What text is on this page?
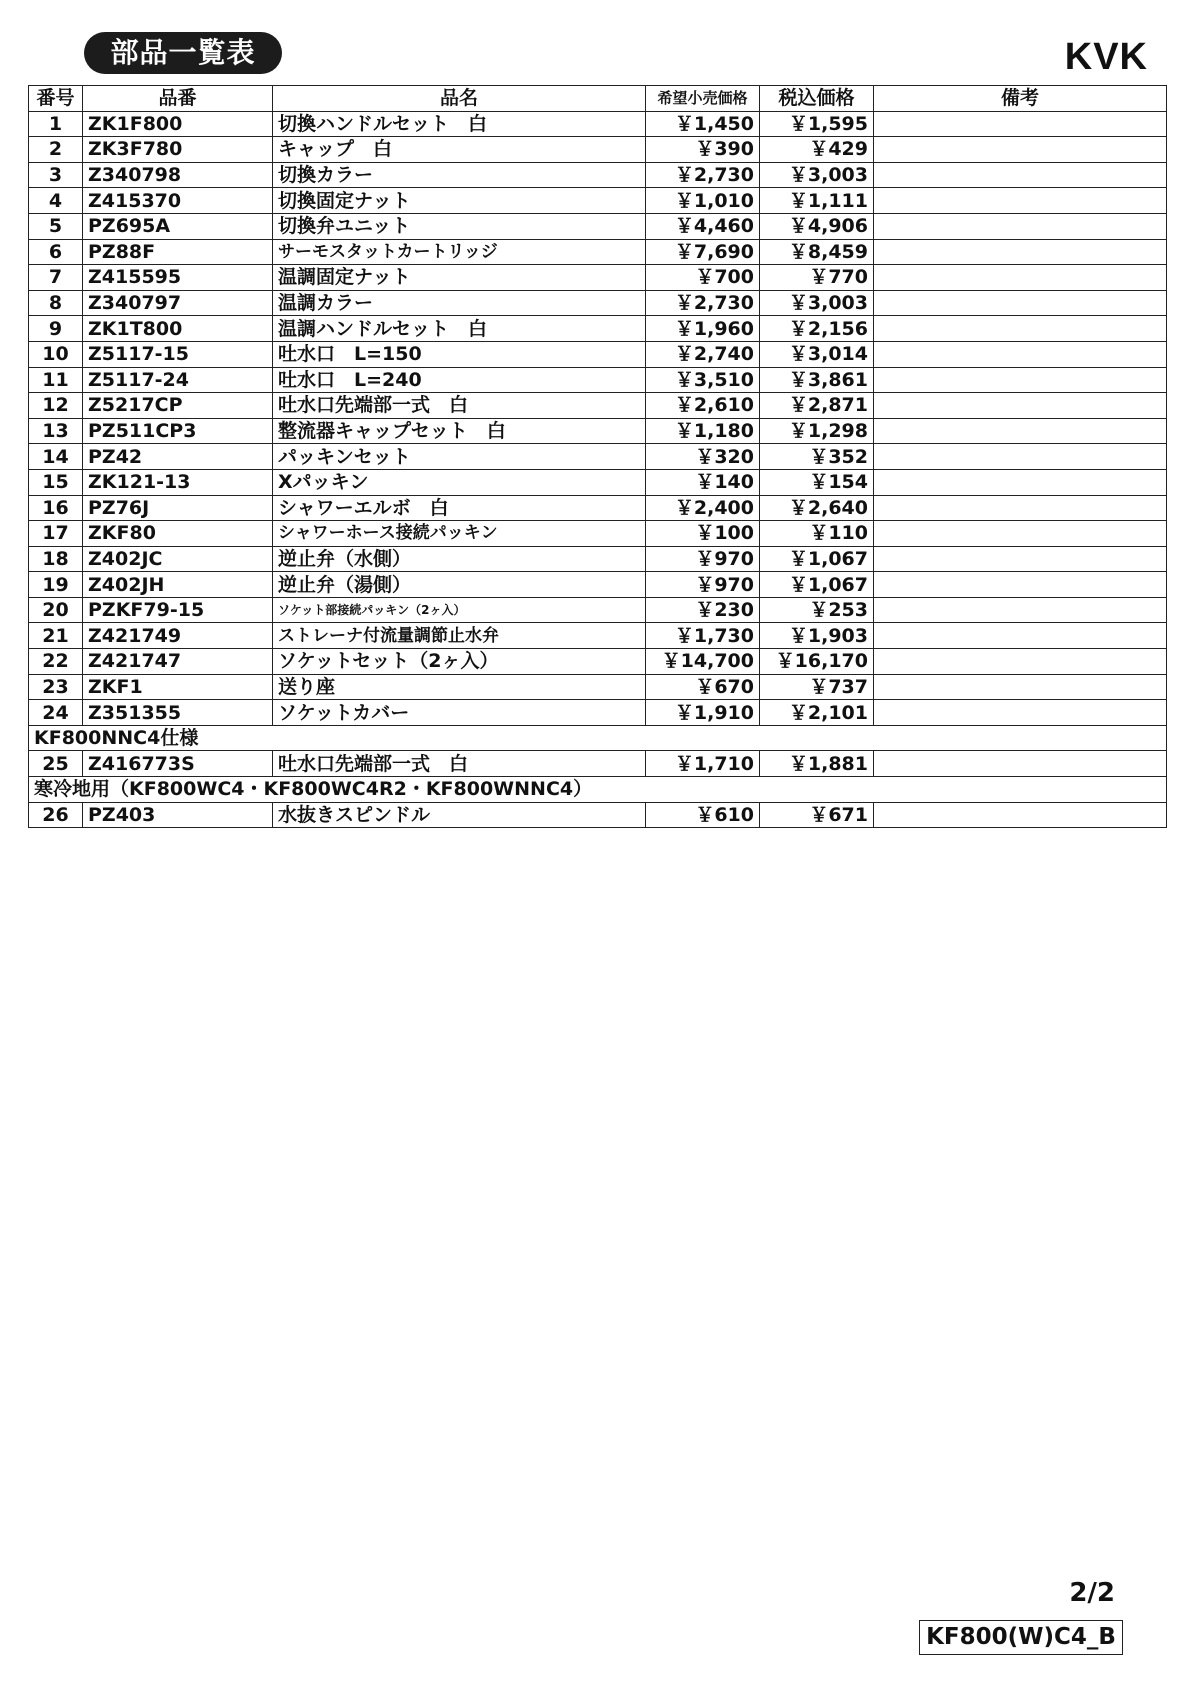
部品一覧表	KVK
番号	品番	品名	希望小売価格	税込価格	備考
1	ZK1F800	切換ハンドルセット　白	￥1,450	￥1,595	
2	ZK3F780	キャップ　白	￥390	￥429	
3	Z340798	切換カラー	￥2,730	￥3,003	
4	Z415370	切換固定ナット	￥1,010	￥1,111	
5	PZ695A	切換弁ユニット	￥4,460	￥4,906	
6	PZ88F	サーモスタットカートリッジ	￥7,690	￥8,459	
7	Z415595	温調固定ナット	￥700	￥770	
8	Z340797	温調カラー	￥2,730	￥3,003	
9	ZK1T800	温調ハンドルセット　白	￥1,960	￥2,156	
10	Z5117-15	吐水口　L=150	￥2,740	￥3,014	
11	Z5117-24	吐水口　L=240	￥3,510	￥3,861	
12	Z5217CP	吐水口先端部一式　白	￥2,610	￥2,871	
13	PZ511CP3	整流器キャップセット　白	￥1,180	￥1,298	
14	PZ42	パッキンセット	￥320	￥352	
15	ZK121-13	Xパッキン	￥140	￥154	
16	PZ76J	シャワーエルボ　白	￥2,400	￥2,640	
17	ZKF80	シャワーホース接続パッキン	￥100	￥110	
18	Z402JC	逆止弁（水側）	￥970	￥1,067	
19	Z402JH	逆止弁（湯側）	￥970	￥1,067	
20	PZKF79-15	ソケット部接続パッキン（2ヶ入）	￥230	￥253	
21	Z421749	ストレーナ付流量調節止水弁	￥1,730	￥1,903	
22	Z421747	ソケットセット（2ヶ入）	￥14,700	￥16,170	
23	ZKF1	送り座	￥670	￥737	
24	Z351355	ソケットカバー	￥1,910	￥2,101	
KF800NNC4仕様					
25	Z416773S	吐水口先端部一式　白	￥1,710	￥1,881	
寒冷地用（KF800WC4・KF800WC4R2・KF800WNNC4）					
26	PZ403	水抜きスピンドル	￥610	￥671	
2/2
KF800(W)C4_B
